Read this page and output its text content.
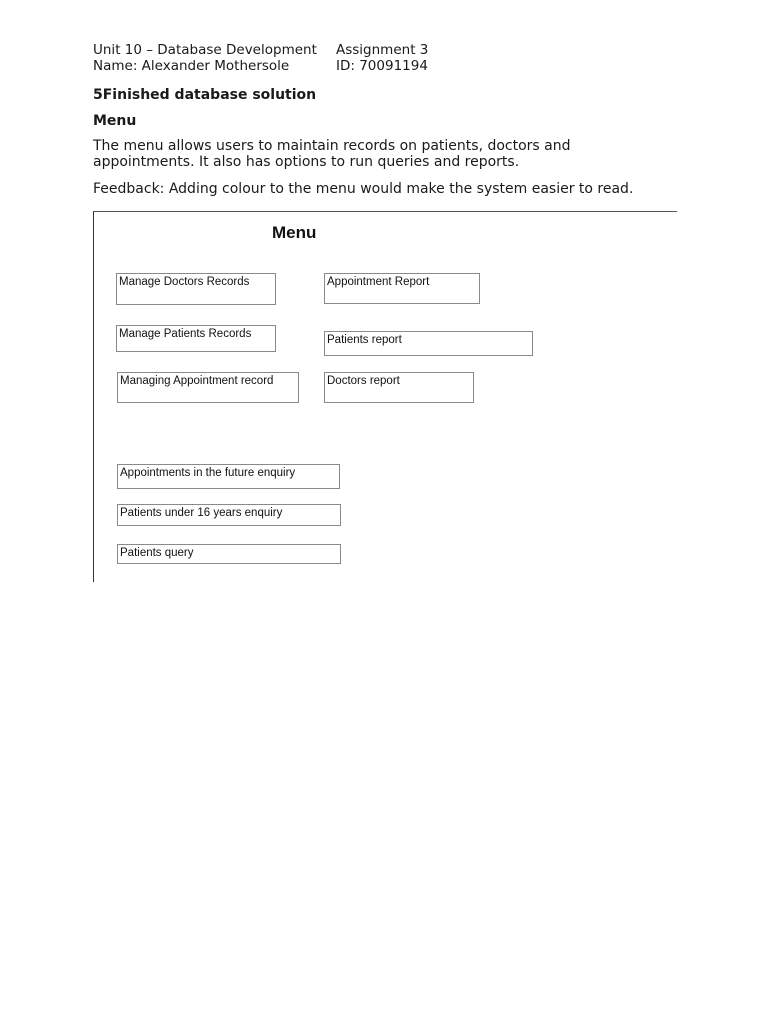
Unit 10 – Database Development Assignment 3
Name: Alexander Mothersole	ID: 70091194
5Finished database solution
Menu
The menu allows users to maintain records on patients, doctors and appointments. It also has options to run queries and reports.
Feedback: Adding colour to the menu would make the system easier to read.
Menu
Manage Doctors Records
Manage Patients Records
Managing Appointment record
Appointment Report
Patients report
Doctors report
Appointments in the future enquiry
Patients under 16 years enquiry
Patients query
